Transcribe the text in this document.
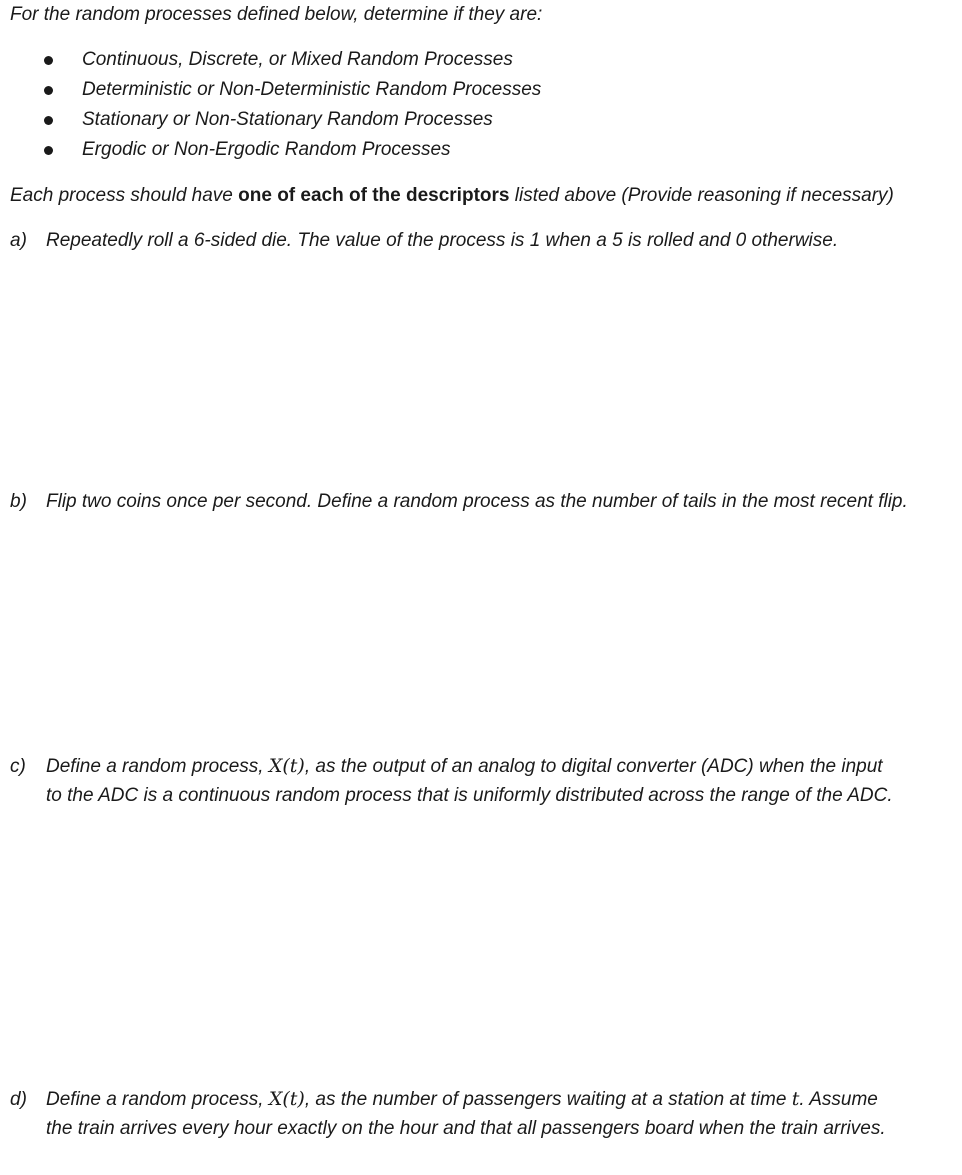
For the random processes defined below, determine if they are:
Continuous, Discrete, or Mixed Random Processes
Deterministic or Non-Deterministic Random Processes
Stationary or Non-Stationary Random Processes
Ergodic or Non-Ergodic Random Processes
Each process should have one of each of the descriptors listed above (Provide reasoning if necessary)
a) Repeatedly roll a 6-sided die. The value of the process is 1 when a 5 is rolled and 0 otherwise.
b) Flip two coins once per second. Define a random process as the number of tails in the most recent flip.
c) Define a random process, X(t), as the output of an analog to digital converter (ADC) when the input
to the ADC is a continuous random process that is uniformly distributed across the range of the ADC.
d) Define a random process, X(t), as the number of passengers waiting at a station at time t. Assume
the train arrives every hour exactly on the hour and that all passengers board when the train arrives.
